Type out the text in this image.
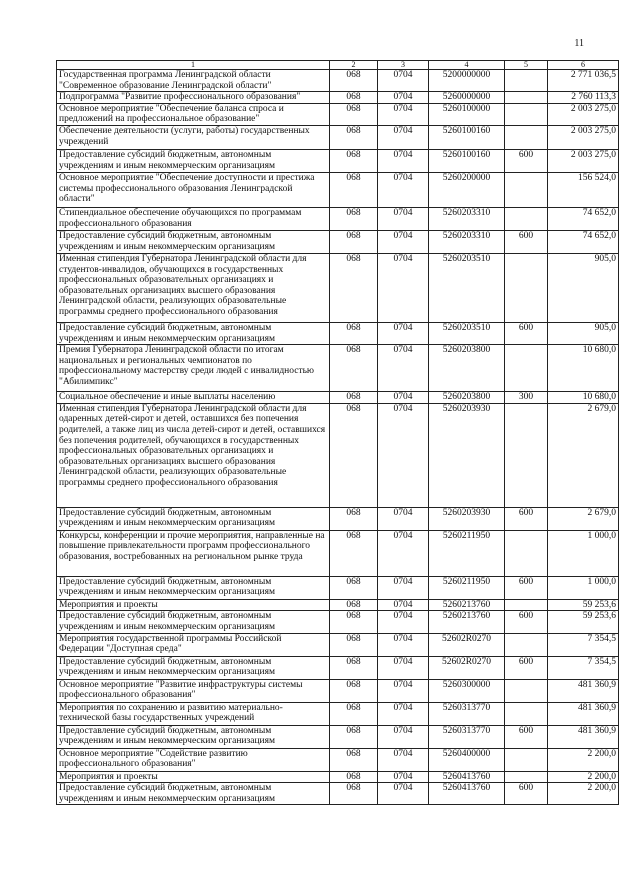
11
1	2	3	4	5	6
Государственная программа Ленинградской области "Современное образование Ленинградской области"	068	0704	5200000000		2 771 036,5
Подпрограмма "Развитие профессионального образования"	068	0704	5260000000		2 760 113,3
Основное мероприятие "Обеспечение баланса спроса и предложений на профессиональное образование"	068	0704	5260100000		2 003 275,0
Обеспечение деятельности (услуги, работы) государственных учреждений	068	0704	5260100160		2 003 275,0
Предоставление субсидий бюджетным, автономным учреждениям и иным некоммерческим организациям	068	0704	5260100160	600	2 003 275,0
Основное мероприятие "Обеспечение доступности и престижа системы профессионального образования Ленинградской области"	068	0704	5260200000		156 524,0
Стипендиальное обеспечение обучающихся по программам профессионального образования	068	0704	5260203310		74 652,0
Предоставление субсидий бюджетным, автономным учреждениям и иным некоммерческим организациям	068	0704	5260203310	600	74 652,0
Именная стипендия Губернатора Ленинградской области для студентов-инвалидов, обучающихся в государственных профессиональных образовательных организациях и образовательных организациях высшего образования Ленинградской области, реализующих образовательные программы среднего профессионального образования	068	0704	5260203510		905,0
Предоставление субсидий бюджетным, автономным учреждениям и иным некоммерческим организациям	068	0704	5260203510	600	905,0
Премия Губернатора Ленинградской области по итогам национальных и региональных чемпионатов по профессиональному мастерству среди людей с инвалидностью "Абилимпикс"	068	0704	5260203800		10 680,0
Социальное обеспечение и иные выплаты населению	068	0704	5260203800	300	10 680,0
Именная стипендия Губернатора Ленинградской области для одаренных детей-сирот и детей, оставшихся без попечения родителей, а также лиц из числа детей-сирот и детей, оставшихся без попечения родителей, обучающихся в государственных профессиональных образовательных организациях и образовательных организациях высшего образования Ленинградской области, реализующих образовательные программы среднего профессионального образования	068	0704	5260203930		2 679,0
Предоставление субсидий бюджетным, автономным учреждениям и иным некоммерческим организациям	068	0704	5260203930	600	2 679,0
Конкурсы, конференции и прочие мероприятия, направленные на повышение привлекательности программ профессионального образования, востребованных на региональном рынке труда	068	0704	5260211950		1 000,0
Предоставление субсидий бюджетным, автономным учреждениям и иным некоммерческим организациям	068	0704	5260211950	600	1 000,0
Мероприятия и проекты	068	0704	5260213760		59 253,6
Предоставление субсидий бюджетным, автономным учреждениям и иным некоммерческим организациям	068	0704	5260213760	600	59 253,6
Мероприятия государственной программы Российской Федерации "Доступная среда"	068	0704	52602R0270		7 354,5
Предоставление субсидий бюджетным, автономным учреждениям и иным некоммерческим организациям	068	0704	52602R0270	600	7 354,5
Основное мероприятие "Развитие инфраструктуры системы профессионального образования"	068	0704	5260300000		481 360,9
Мероприятия по сохранению и развитию материально-технической базы государственных учреждений	068	0704	5260313770		481 360,9
Предоставление субсидий бюджетным, автономным учреждениям и иным некоммерческим организациям	068	0704	5260313770	600	481 360,9
Основное мероприятие "Содействие развитию профессионального образования"	068	0704	5260400000		2 200,0
Мероприятия и проекты	068	0704	5260413760		2 200,0
Предоставление субсидий бюджетным, автономным учреждениям и иным некоммерческим организациям	068	0704	5260413760	600	2 200,0
